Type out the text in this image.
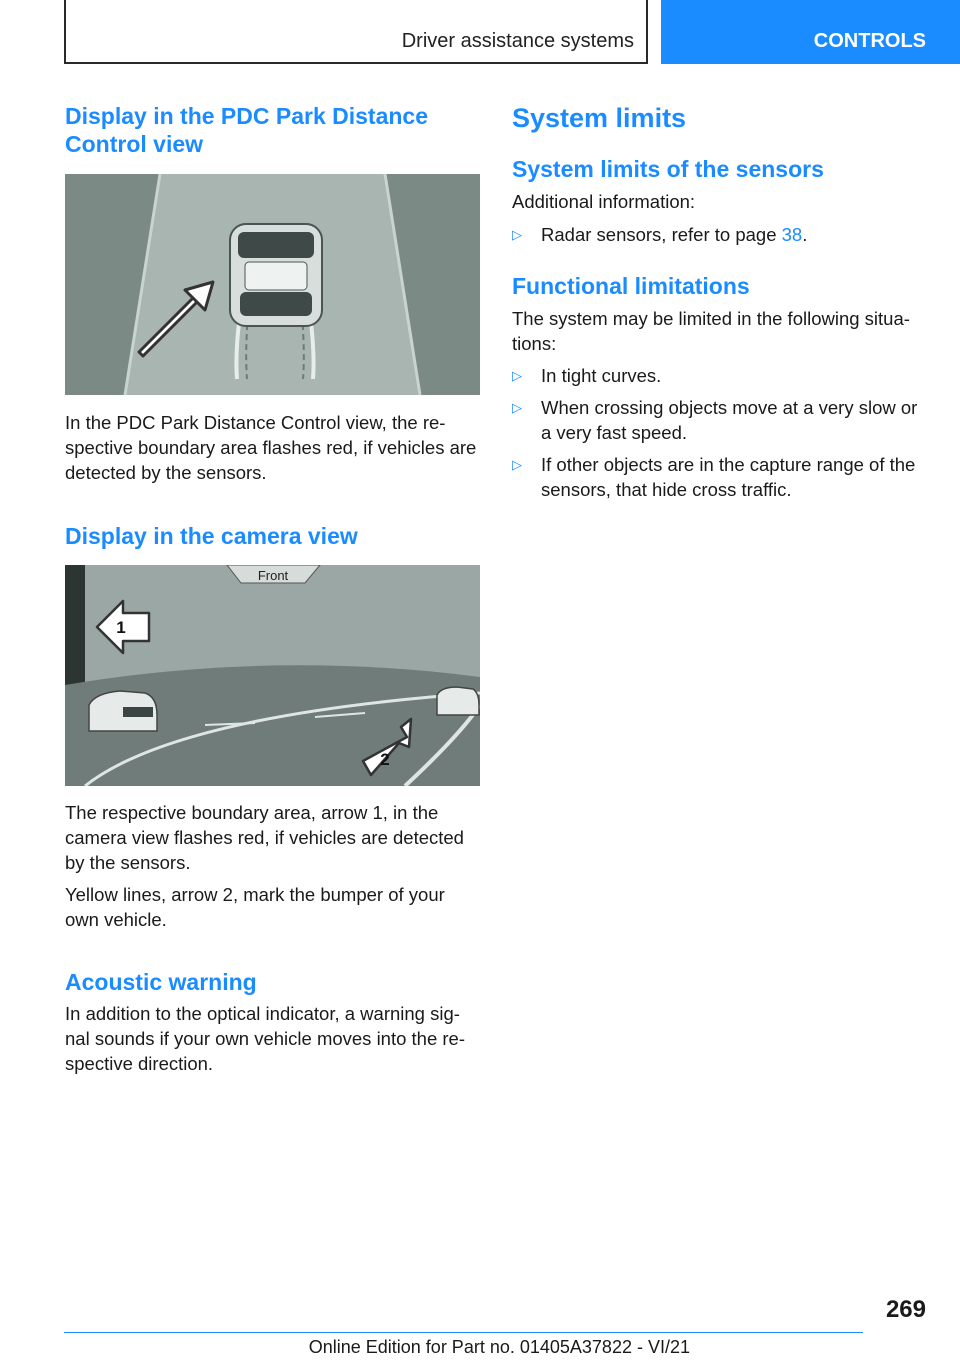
Driver assistance systems	CONTROLS
Display in the PDC Park Distance Control view

In the PDC Park Distance Control view, the re-spective boundary area flashes red, if vehicles are detected by the sensors.

Display in the camera view
Front
1
2

The respective boundary area, arrow 1, in the camera view flashes red, if vehicles are detected by the sensors.

Yellow lines, arrow 2, mark the bumper of your own vehicle.

Acoustic warning

In addition to the optical indicator, a warning sig-nal sounds if your own vehicle moves into the re-spective direction.

System limits
System limits of the sensors

Additional information:

▷ Radar sensors, refer to page 38.
Functional limitations

The system may be limited in the following situa-tions:

▷ In tight curves.
▷ When crossing objects move at a very slow or a very fast speed.
▷ If other objects are in the capture range of the sensors, that hide cross traffic.
269
Online Edition for Part no. 01405A37822 - VI/21
